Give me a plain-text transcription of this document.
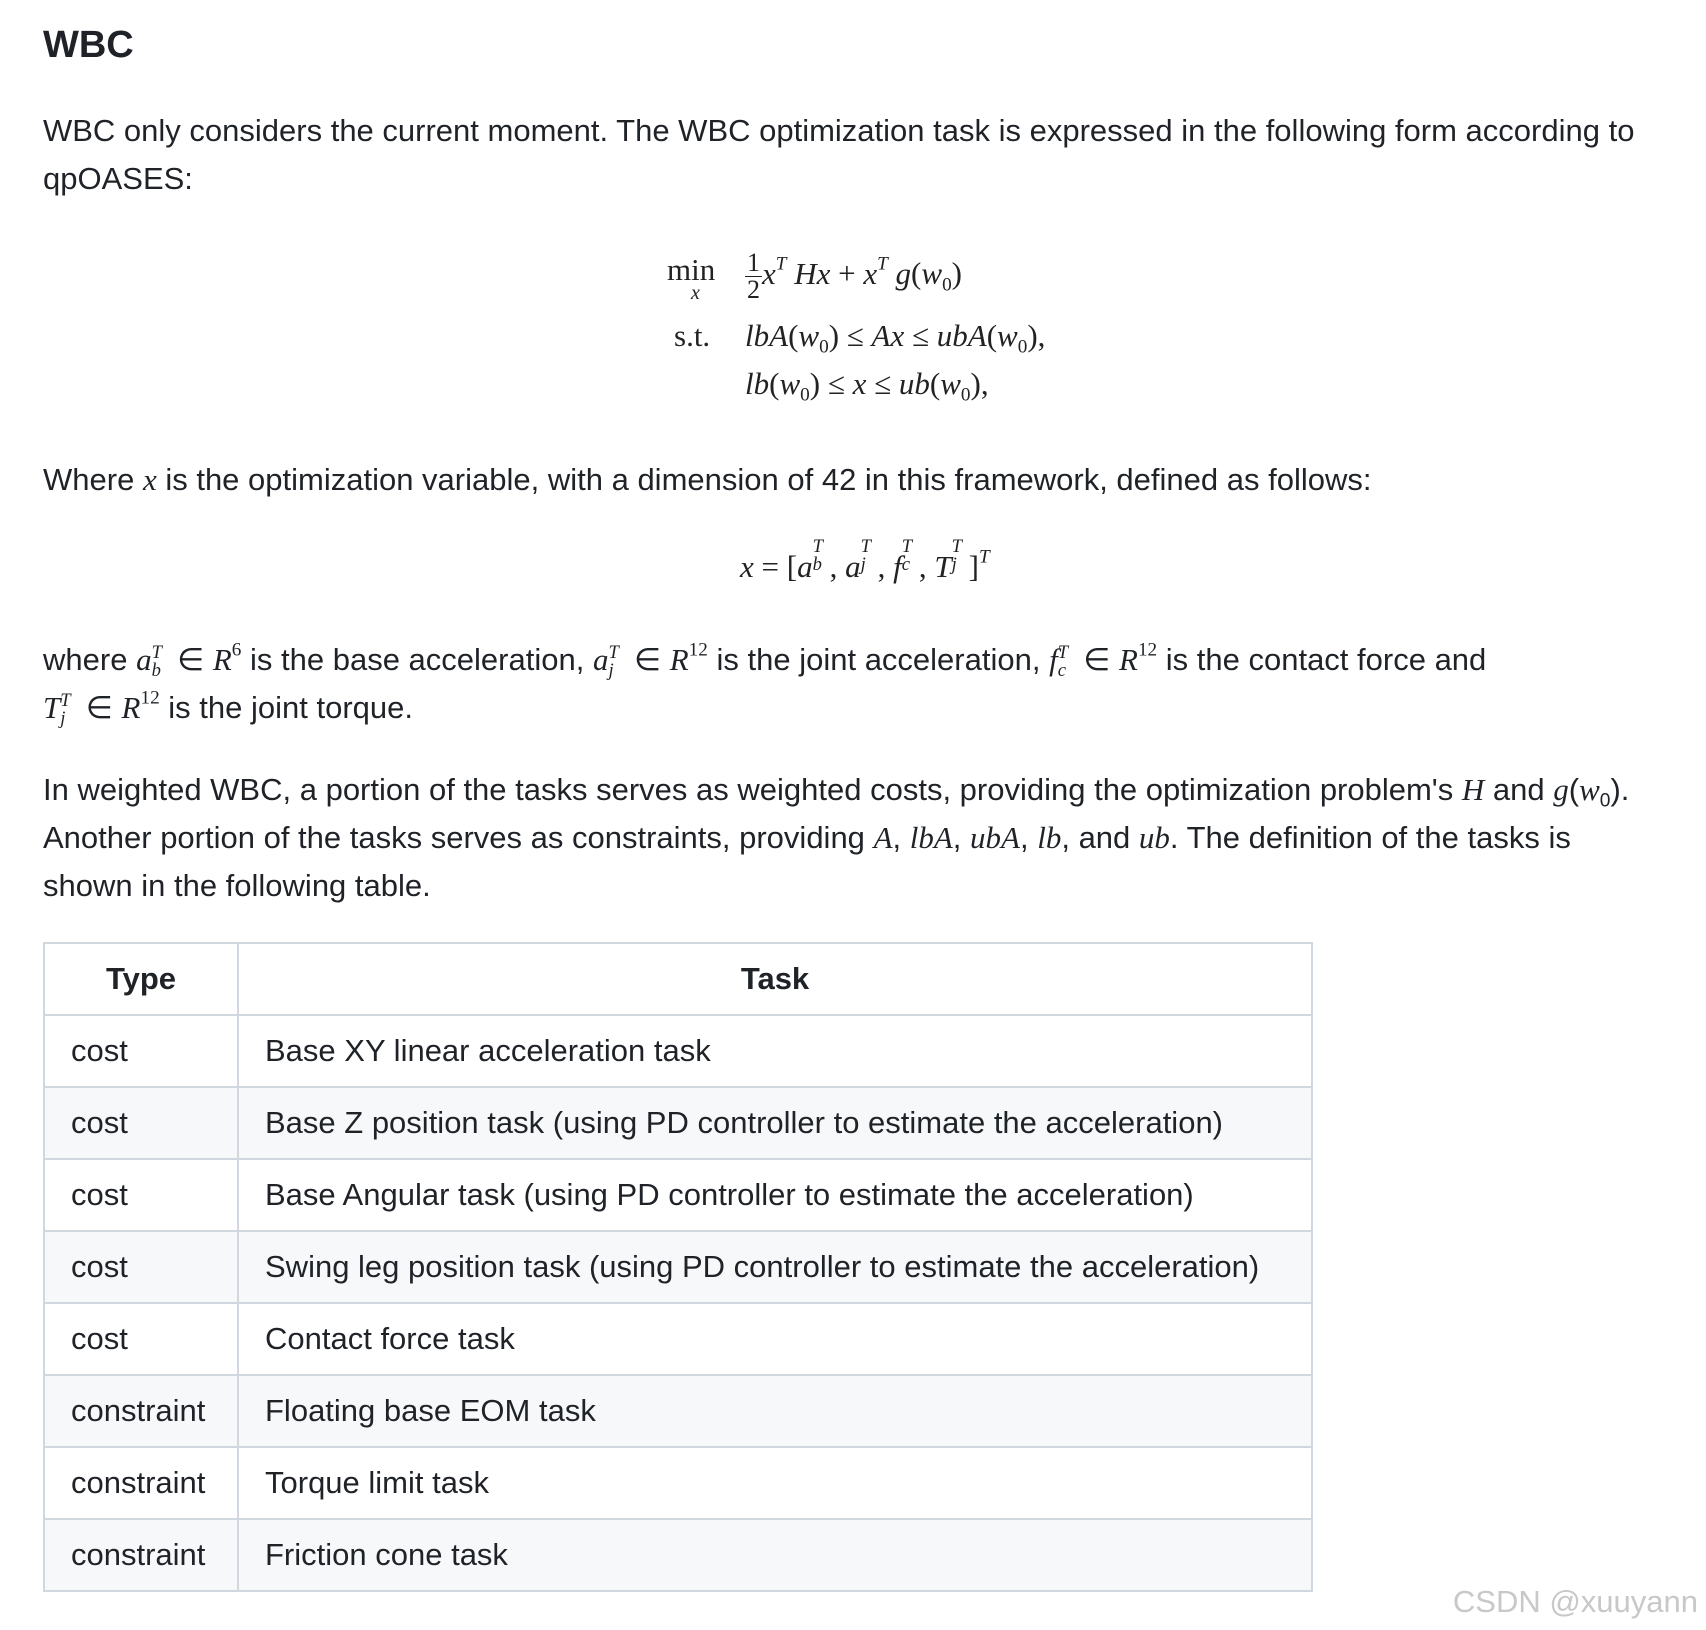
WBC

WBC only considers the current moment. The WBC optimization task is expressed in the following form according to
qpOASES:

min
x $\frac{1}{2} x^T$ $Hx + x^T$ $g(w_0)$
s.t. $lbA(w_0) \le Ax \le ubA(w_0)$,
$lb(w_0) \le x \le ub(w_0)$,

Where x is the optimization variable, with a dimension of 42 in this framework, defined as follows:

x = [a
T
b , a
T
j , f
T
c , T
T
j ]$^T$

where a T
b ∈ $R^6$ is the base acceleration, a T
j ∈ $R^{12}$ is the joint acceleration, f T
c ∈ $R^{12}$ is the contact force and
T T
j ∈ $R^{12}$ is the joint torque.

In weighted WBC, a portion of the tasks serves as weighted costs, providing the optimization problem's H and $g(w_0)$.
Another portion of the tasks serves as constraints, providing A, lbA, ubA, lb, and ub. The definition of the tasks is
shown in the following table.

Type	Task
cost	Base XY linear acceleration task
cost	Base Z position task (using PD controller to estimate the acceleration)
cost	Base Angular task (using PD controller to estimate the acceleration)
cost	Swing leg position task (using PD controller to estimate the acceleration)
cost	Contact force task
constraint	Floating base EOM task
constraint	Torque limit task
constraint	Friction cone task
CSDN @xuuyann
